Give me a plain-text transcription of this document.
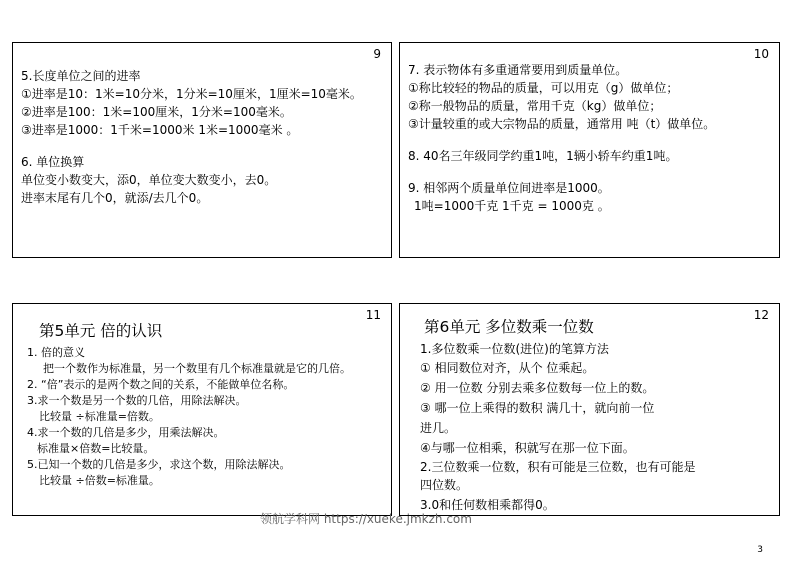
9
5.长度单位之间的进率
①进率是10：1米=10分米，1分米=10厘米，1厘米=10毫米。
②进率是100：1米=100厘米，1分米=100毫米。
③进率是1000：1千米=1000米 1米=1000毫米 。
6. 单位换算
单位变小数变大，添0，单位变大数变小，去0。
进率末尾有几个0，就添/去几个0。
10
7. 表示物体有多重通常要用到质量单位。
①称比较轻的物品的质量，可以用克（g）做单位；
②称一般物品的质量，常用千克（kg）做单位；
③计量较重的或大宗物品的质量，通常用 吨（t）做单位。
8. 40名三年级同学约重1吨，1辆小轿车约重1吨。
9. 相邻两个质量单位间进率是1000。
1吨=1000千克 1千克 = 1000克 。
11
第5单元 倍的认识
1. 倍的意义
把一个数作为标准量，另一个数里有几个标准量就是它的几倍。
2. “倍”表示的是两个数之间的关系，不能做单位名称。
3.求一个数是另一个数的几倍，用除法解决。
比较量 ÷标准量=倍数。
4.求一个数的几倍是多少，用乘法解决。
标准量×倍数=比较量。
5.已知一个数的几倍是多少，求这个数，用除法解决。
比较量 ÷倍数=标准量。
12
第6单元 多位数乘一位数
1.多位数乘一位数(进位)的笔算方法
① 相同数位对齐，从个 位乘起。
② 用一位数 分别去乘多位数每一位上的数。
③ 哪一位上乘得的数积 满几十，就向前一位
进几。
④与哪一位相乘，积就写在那一位下面。
2.三位数乘一位数，积有可能是三位数，也有可能是
四位数。
3.0和任何数相乘都得0。
领航学科网 https://xueke.jmkzh.com
3
